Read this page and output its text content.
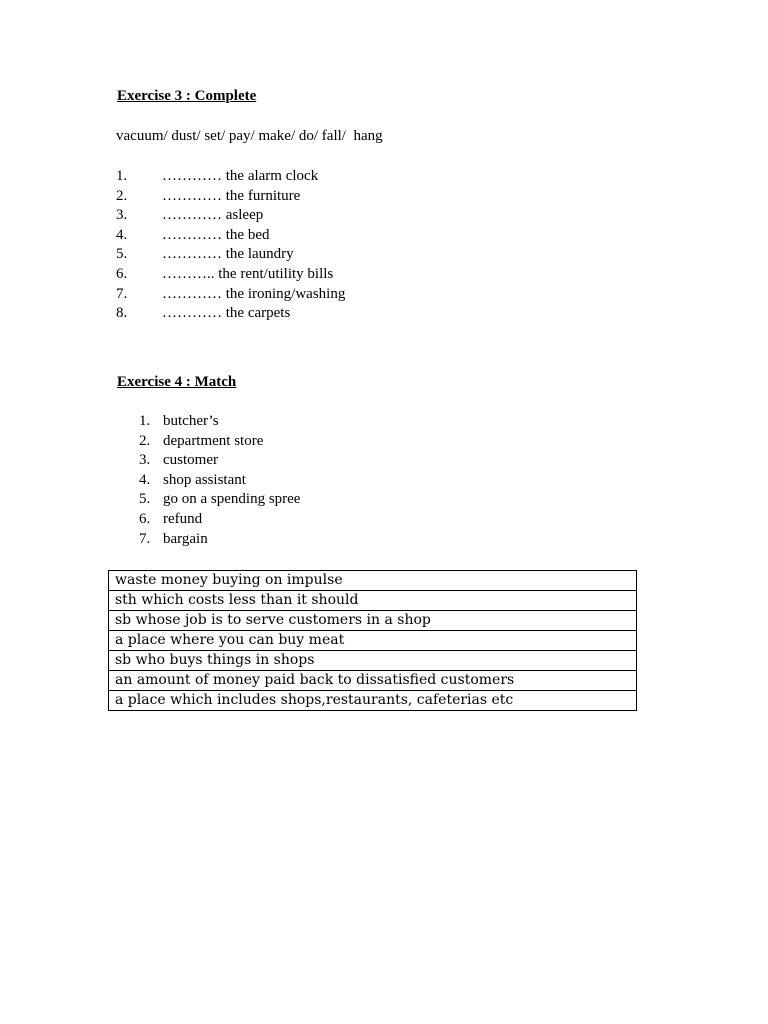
Exercise 3 : Complete
vacuum/ dust/ set/ pay/ make/ do/ fall/  hang
1. ………… the alarm clock
2. ………… the furniture
3. ………… asleep
4. ………… the bed
5. ………… the laundry
6. ……….. the rent/utility bills
7. ………… the ironing/washing
8. ………… the carpets
Exercise 4 : Match
1. butcher’s
2. department store
3. customer
4. shop assistant
5. go on a spending spree
6. refund
7. bargain
waste money buying on impulse
sth which costs less than it should
sb whose job is to serve customers in a shop
a place where you can buy meat
sb who buys things in shops
an amount of money paid back to dissatisfied customers
a place which includes shops,restaurants, cafeterias etc
